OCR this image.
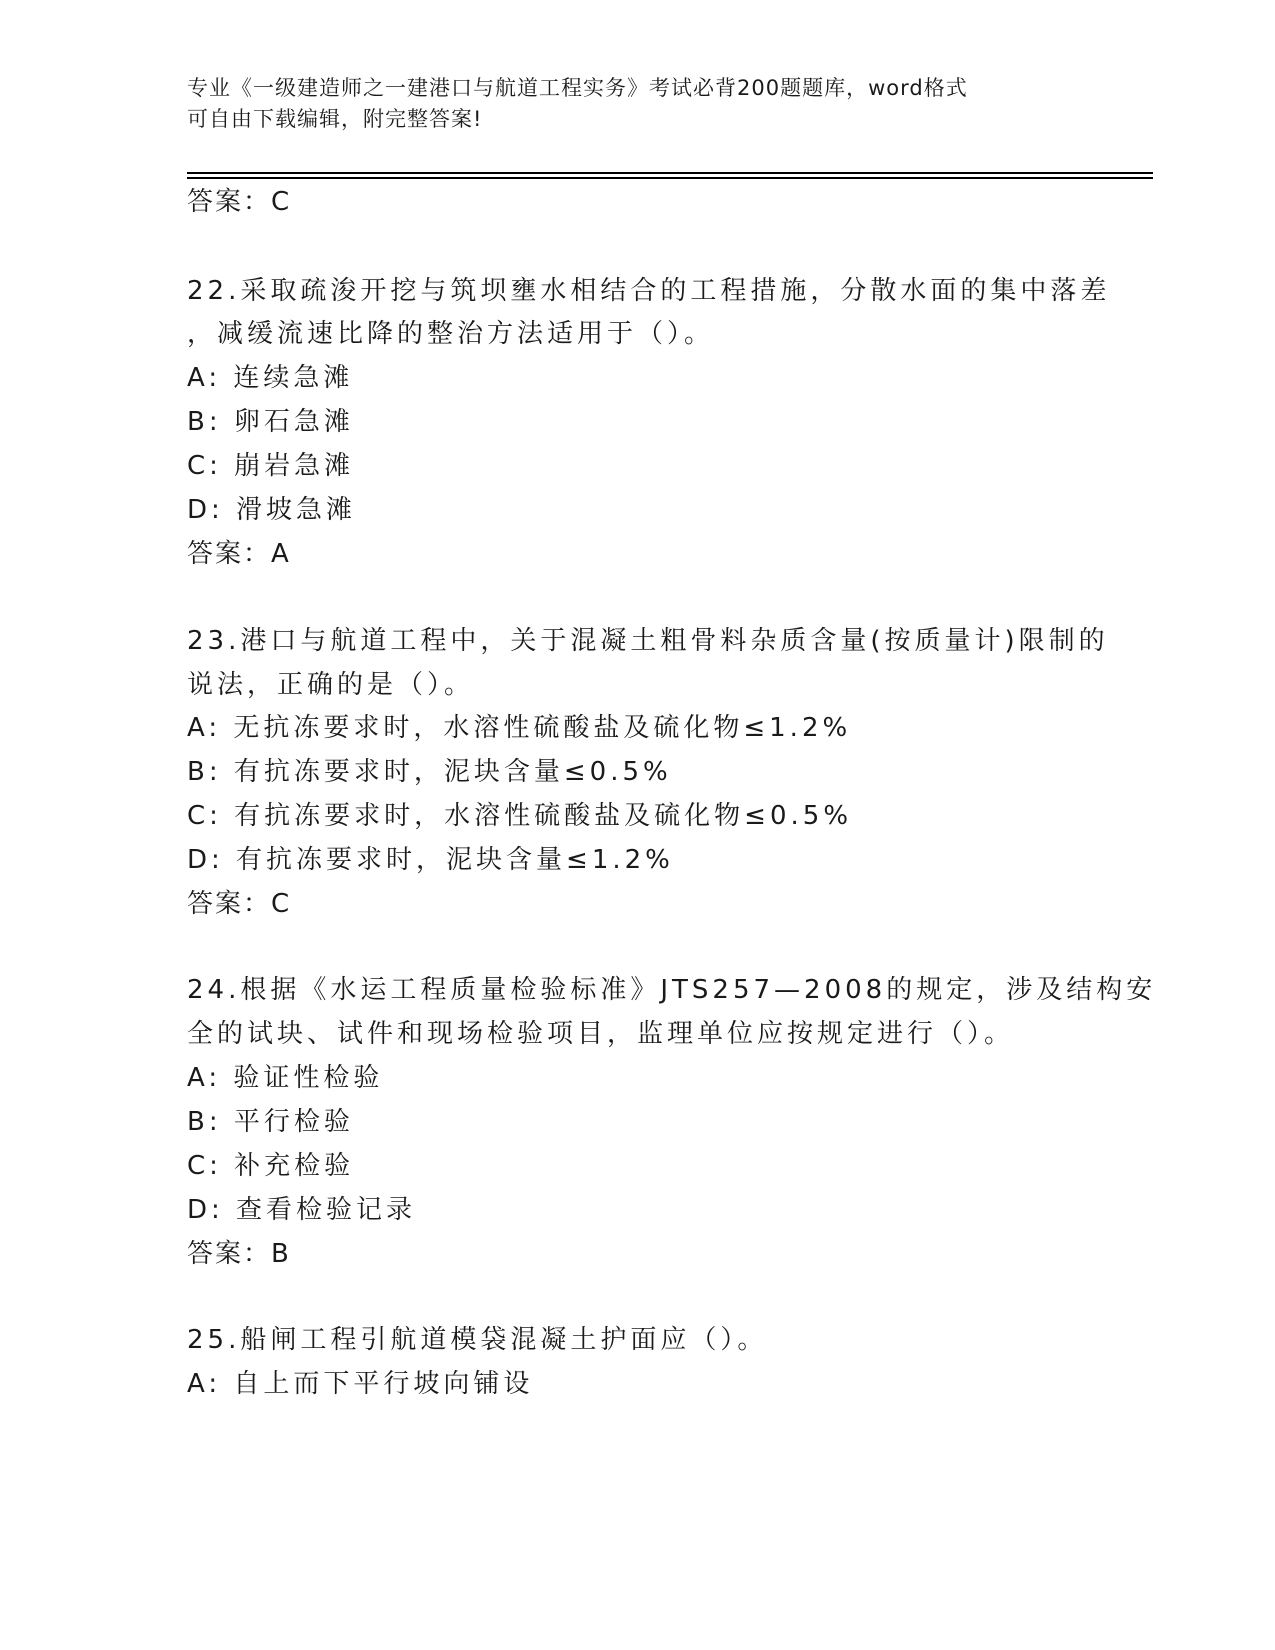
专业《一级建造师之一建港口与航道工程实务》考试必背200题题库，word格式
可自由下载编辑，附完整答案!
答案：C
22.采取疏浚开挖与筑坝壅水相结合的工程措施，分散水面的集中落差
，减缓流速比降的整治方法适用于（）。
A: 连续急滩
B: 卵石急滩
C: 崩岩急滩
D: 滑坡急滩
答案：A
23.港口与航道工程中，关于混凝土粗骨料杂质含量(按质量计)限制的
说法，正确的是（）。
A: 无抗冻要求时，水溶性硫酸盐及硫化物≤1.2%
B: 有抗冻要求时，泥块含量≤0.5%
C: 有抗冻要求时，水溶性硫酸盐及硫化物≤0.5%
D: 有抗冻要求时，泥块含量≤1.2%
答案：C
24.根据《水运工程质量检验标准》JTS257—2008的规定，涉及结构安
全的试块、试件和现场检验项目，监理单位应按规定进行（）。
A: 验证性检验
B: 平行检验
C: 补充检验
D: 查看检验记录
答案：B
25.船闸工程引航道模袋混凝土护面应（）。
A: 自上而下平行坡向铺设
